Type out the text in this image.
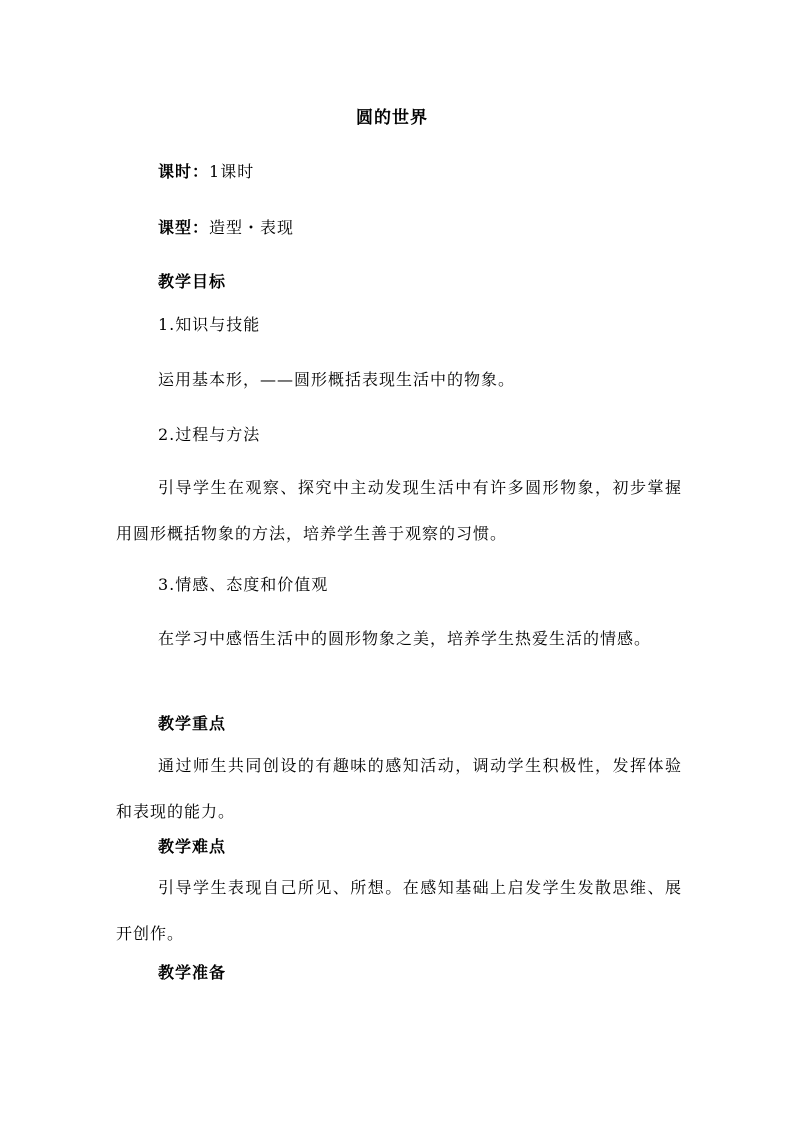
圆的世界
课时：1课时
课型：造型・表现
教学目标
1.知识与技能
运用基本形，——圆形概括表现生活中的物象。
2.过程与方法
引导学生在观察、探究中主动发现生活中有许多圆形物象，初步掌握用圆形概括物象的方法，培养学生善于观察的习惯。
3.情感、态度和价值观
在学习中感悟生活中的圆形物象之美，培养学生热爱生活的情感。
教学重点
通过师生共同创设的有趣味的感知活动，调动学生积极性，发挥体验和表现的能力。
教学难点
引导学生表现自己所见、所想。在感知基础上启发学生发散思维、展开创作。
教学准备
